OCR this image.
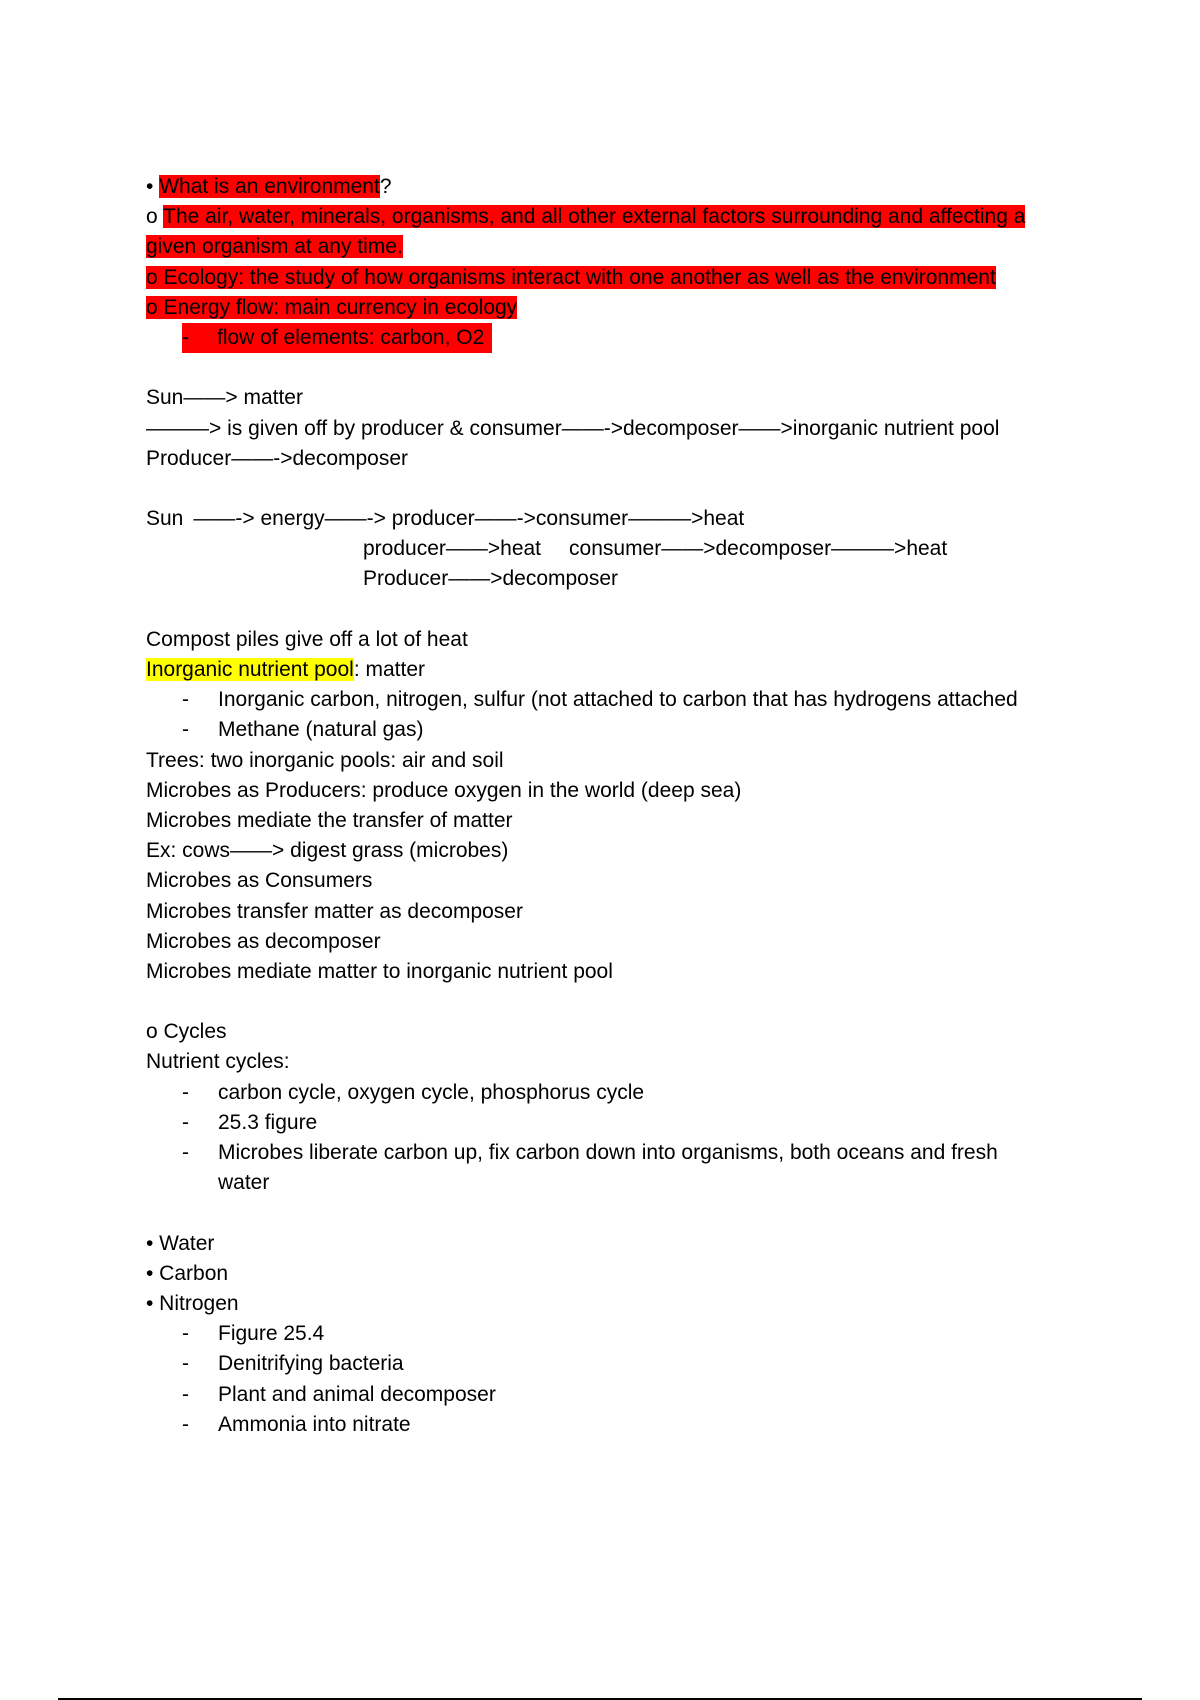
• What is an environment?
o The air, water, minerals, organisms, and all other external factors surrounding and affecting a
given organism at any time.
o Ecology: the study of how organisms interact with one another as well as the environment
o Energy flow: main currency in ecology
- flow of elements: carbon, O2
Sun——> matter
———> is given off by producer & consumer——->decomposer——>inorganic nutrient pool
Producer——->decomposer
Sun ——-> energy——-> producer——->consumer———>heat
producer——>heat consumer——>decomposer———>heat
Producer——>decomposer
Compost piles give off a lot of heat
Inorganic nutrient pool: matter
-	Inorganic carbon, nitrogen, sulfur (not attached to carbon that has hydrogens attached
-	Methane (natural gas)
Trees: two inorganic pools: air and soil
Microbes as Producers: produce oxygen in the world (deep sea)
Microbes mediate the transfer of matter
Ex: cows——> digest grass (microbes)
Microbes as Consumers
Microbes transfer matter as decomposer
Microbes as decomposer
Microbes mediate matter to inorganic nutrient pool
o Cycles
Nutrient cycles:
-	carbon cycle, oxygen cycle, phosphorus cycle
-	25.3 figure
-	Microbes liberate carbon up, fix carbon down into organisms, both oceans and fresh water
• Water
• Carbon
• Nitrogen
-	Figure 25.4
-	Denitrifying bacteria
-	Plant and animal decomposer
-	Ammonia into nitrate
